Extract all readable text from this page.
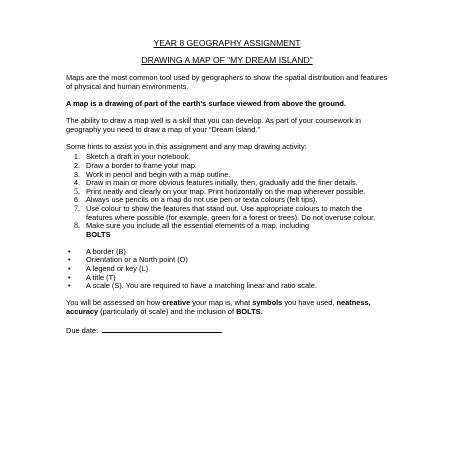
YEAR 8 GEOGRAPHY ASSIGNMENT

DRAWING A MAP OF “MY DREAM ISLAND”

Maps are the most common tool used by geographers to show the spatial distribution and features of physical and human environments.

A map is a drawing of part of the earth's surface viewed from above the ground.

The ability to draw a map well is a skill that you can develop. As part of your coursework in geography you need to draw a map of your “Dream Island.”

Some hints to assist you in this assignment and any map drawing activity:

1. Sketch a draft in your notebook.
2. Draw a border to frame your map.
3. Work in pencil and begin with a map outline.
4. Draw in main or more obvious features initially, then, gradually add the finer details.
5. Print neatly and clearly on your map. Print horizontally on the map wherever possible.
6. Always use pencils on a map do not use pen or texta colours (felt tips).
7. Use colour to show the features that stand out. Use appropriate colours to match the features where possible (for example, green for a forest or trees). Do not overuse colour.
8. Make sure you include all the essential elements of a map, including
BOLTS
•	A border (B)
•	Orientation or a North point (O)
•	A legend or key (L)
•	A title (T)
•	A scale (S). You are required to have a matching linear and ratio scale.

You will be assessed on how creative your map is, what symbols you have used, neatness, accuracy (particularly of scale) and the inclusion of BOLTS.

Due date:
